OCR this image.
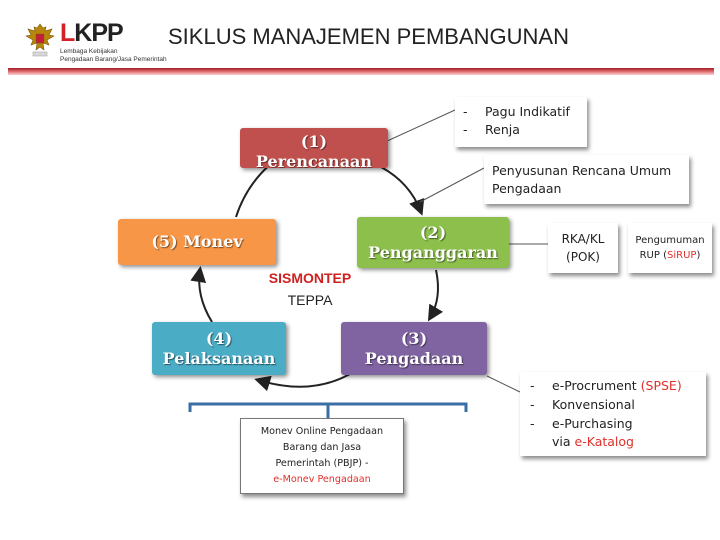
LKPP
Lembaga Kebijakan
Pengadaan Barang/Jasa Pemerintah
SIKLUS MANAJEMEN PEMBANGUNAN
(1)
Perencanaan
(5) Monev	(2)
Penganggaran
(4)
Pelaksanaan
(3)
Pengadaan
SISMONTEP
TEPPA
- Pagu Indikatif
- Renja
Penyusunan Rencana Umum Pengadaan
RKA/KL
(POK)
Pengumuman
RUP (SiRUP)
- e-Procrument (SPSE)
- Konvensional
- e-Purchasing
via e-Katalog
Monev Online Pengadaan
Barang dan Jasa
Pemerintah (PBJP) -
e-Monev Pengadaan
